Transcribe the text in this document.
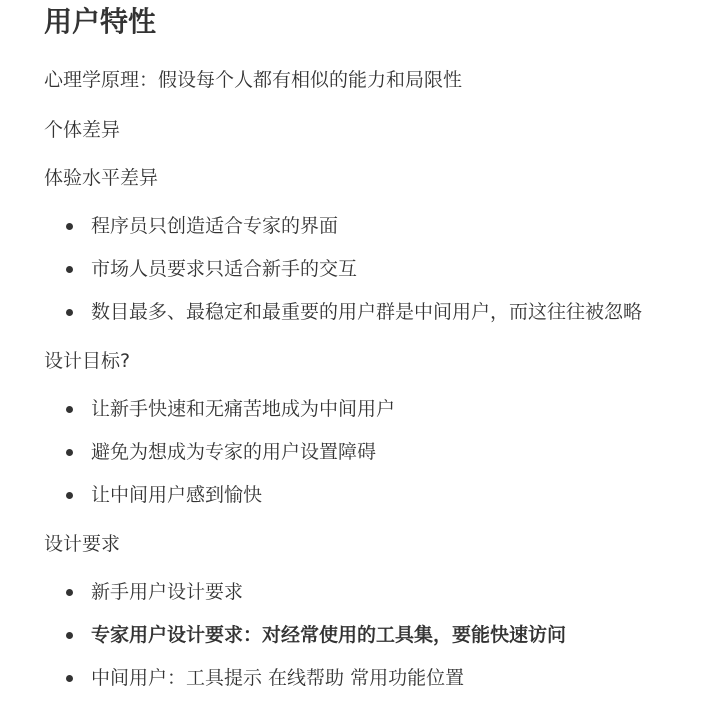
用户特性

心理学原理：假设每个人都有相似的能力和局限性

个体差异

体验水平差异

程序员只创造适合专家的界面
市场人员要求只适合新手的交互
数目最多、最稳定和最重要的用户群是中间用户，而这往往被忽略

设计目标?

让新手快速和无痛苦地成为中间用户
避免为想成为专家的用户设置障碍
让中间用户感到愉快

设计要求

新手用户设计要求
专家用户设计要求：对经常使用的工具集，要能快速访问
中间用户：工具提示 在线帮助 常用功能位置
